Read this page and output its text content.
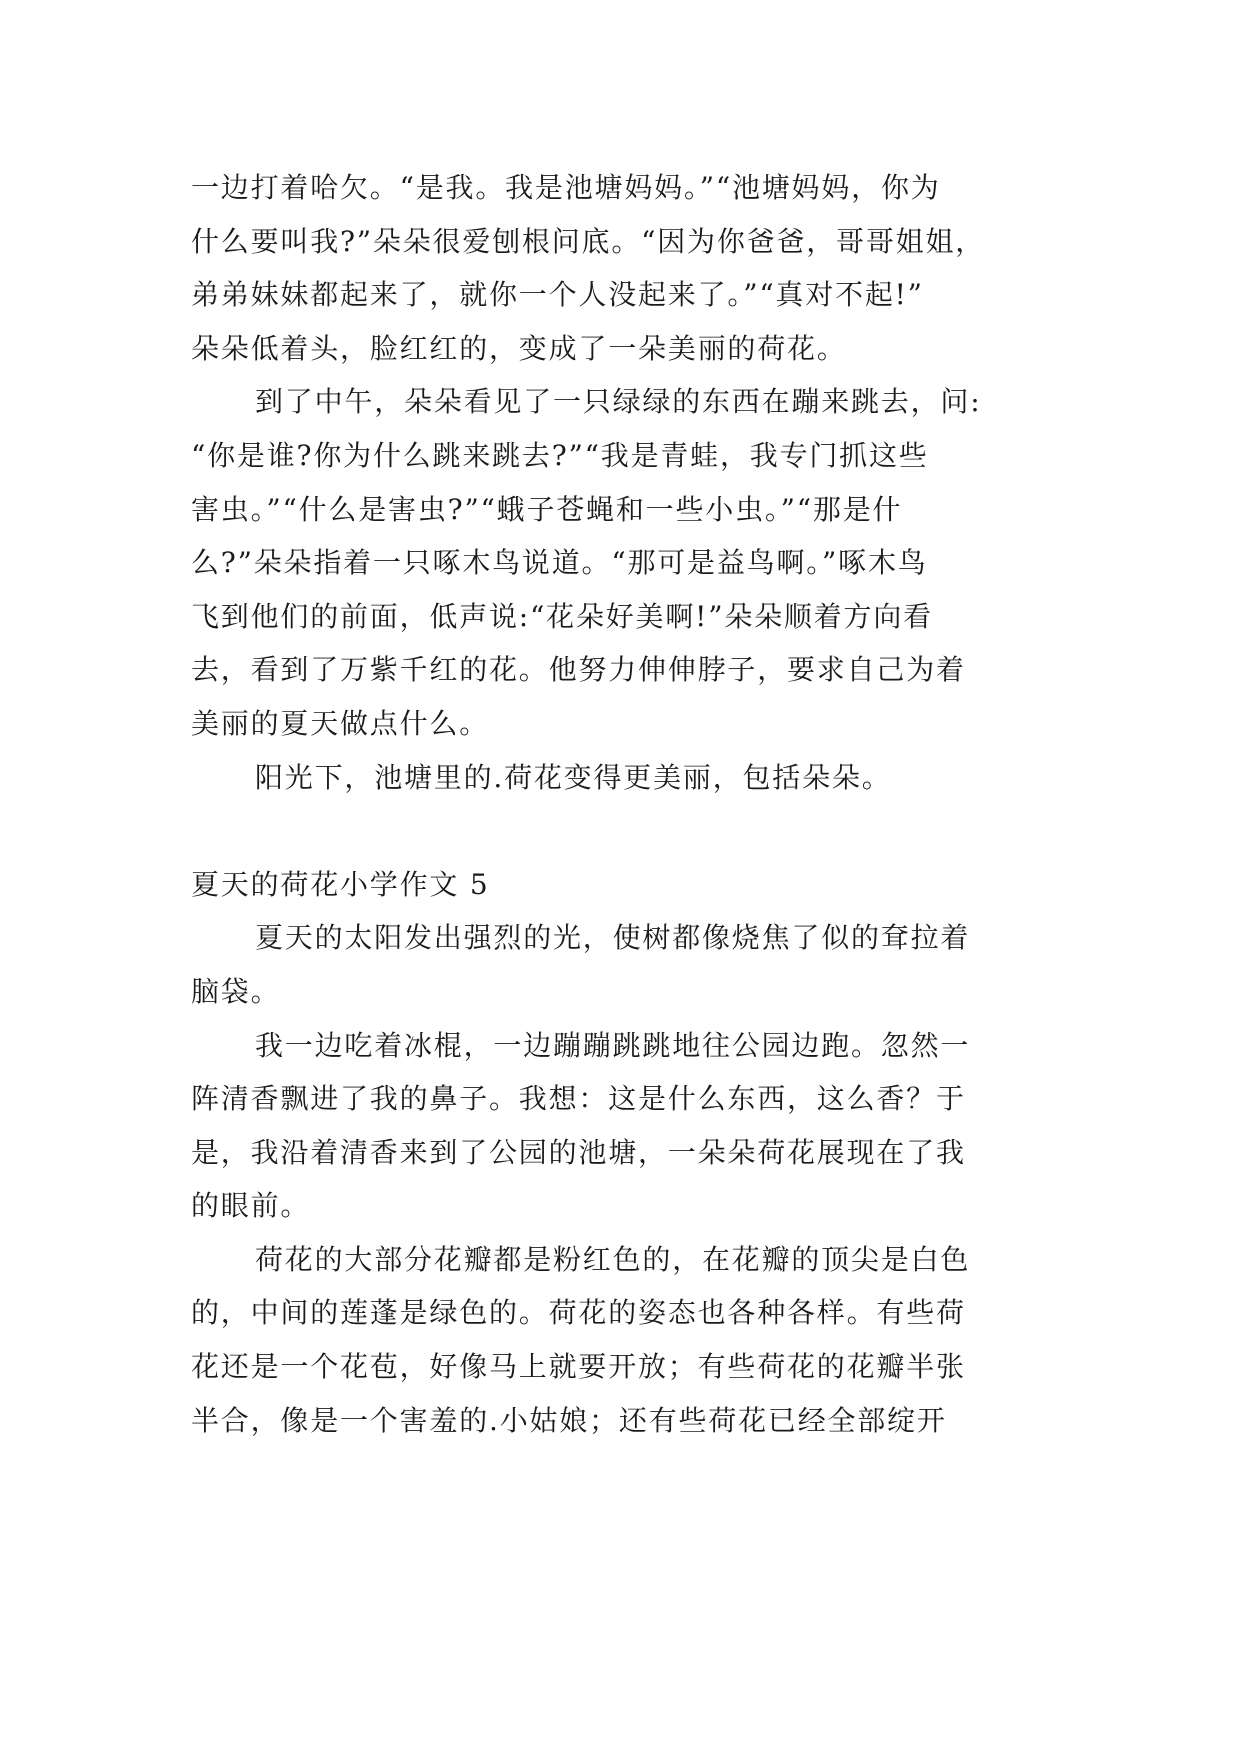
一边打着哈欠。“是我。我是池塘妈妈。”“池塘妈妈，你为
什么要叫我?”朵朵很爱刨根问底。“因为你爸爸，哥哥姐姐，
弟弟妹妹都起来了，就你一个人没起来了。”“真对不起!”
朵朵低着头，脸红红的，变成了一朵美丽的荷花。
到了中午，朵朵看见了一只绿绿的东西在蹦来跳去，问:
“你是谁?你为什么跳来跳去?”“我是青蛙，我专门抓这些
害虫。”“什么是害虫?”“蛾子苍蝇和一些小虫。”“那是什
么?”朵朵指着一只啄木鸟说道。“那可是益鸟啊。”啄木鸟
飞到他们的前面，低声说:“花朵好美啊!”朵朵顺着方向看
去，看到了万紫千红的花。他努力伸伸脖子，要求自己为着
美丽的夏天做点什么。
阳光下，池塘里的.荷花变得更美丽，包括朵朵。
夏天的荷花小学作文 5
夏天的太阳发出强烈的光，使树都像烧焦了似的耷拉着
脑袋。
我一边吃着冰棍，一边蹦蹦跳跳地往公园边跑。忽然一
阵清香飘进了我的鼻子。我想：这是什么东西，这么香？于
是，我沿着清香来到了公园的池塘，一朵朵荷花展现在了我
的眼前。
荷花的大部分花瓣都是粉红色的，在花瓣的顶尖是白色
的，中间的莲蓬是绿色的。荷花的姿态也各种各样。有些荷
花还是一个花苞，好像马上就要开放；有些荷花的花瓣半张
半合，像是一个害羞的.小姑娘；还有些荷花已经全部绽开
